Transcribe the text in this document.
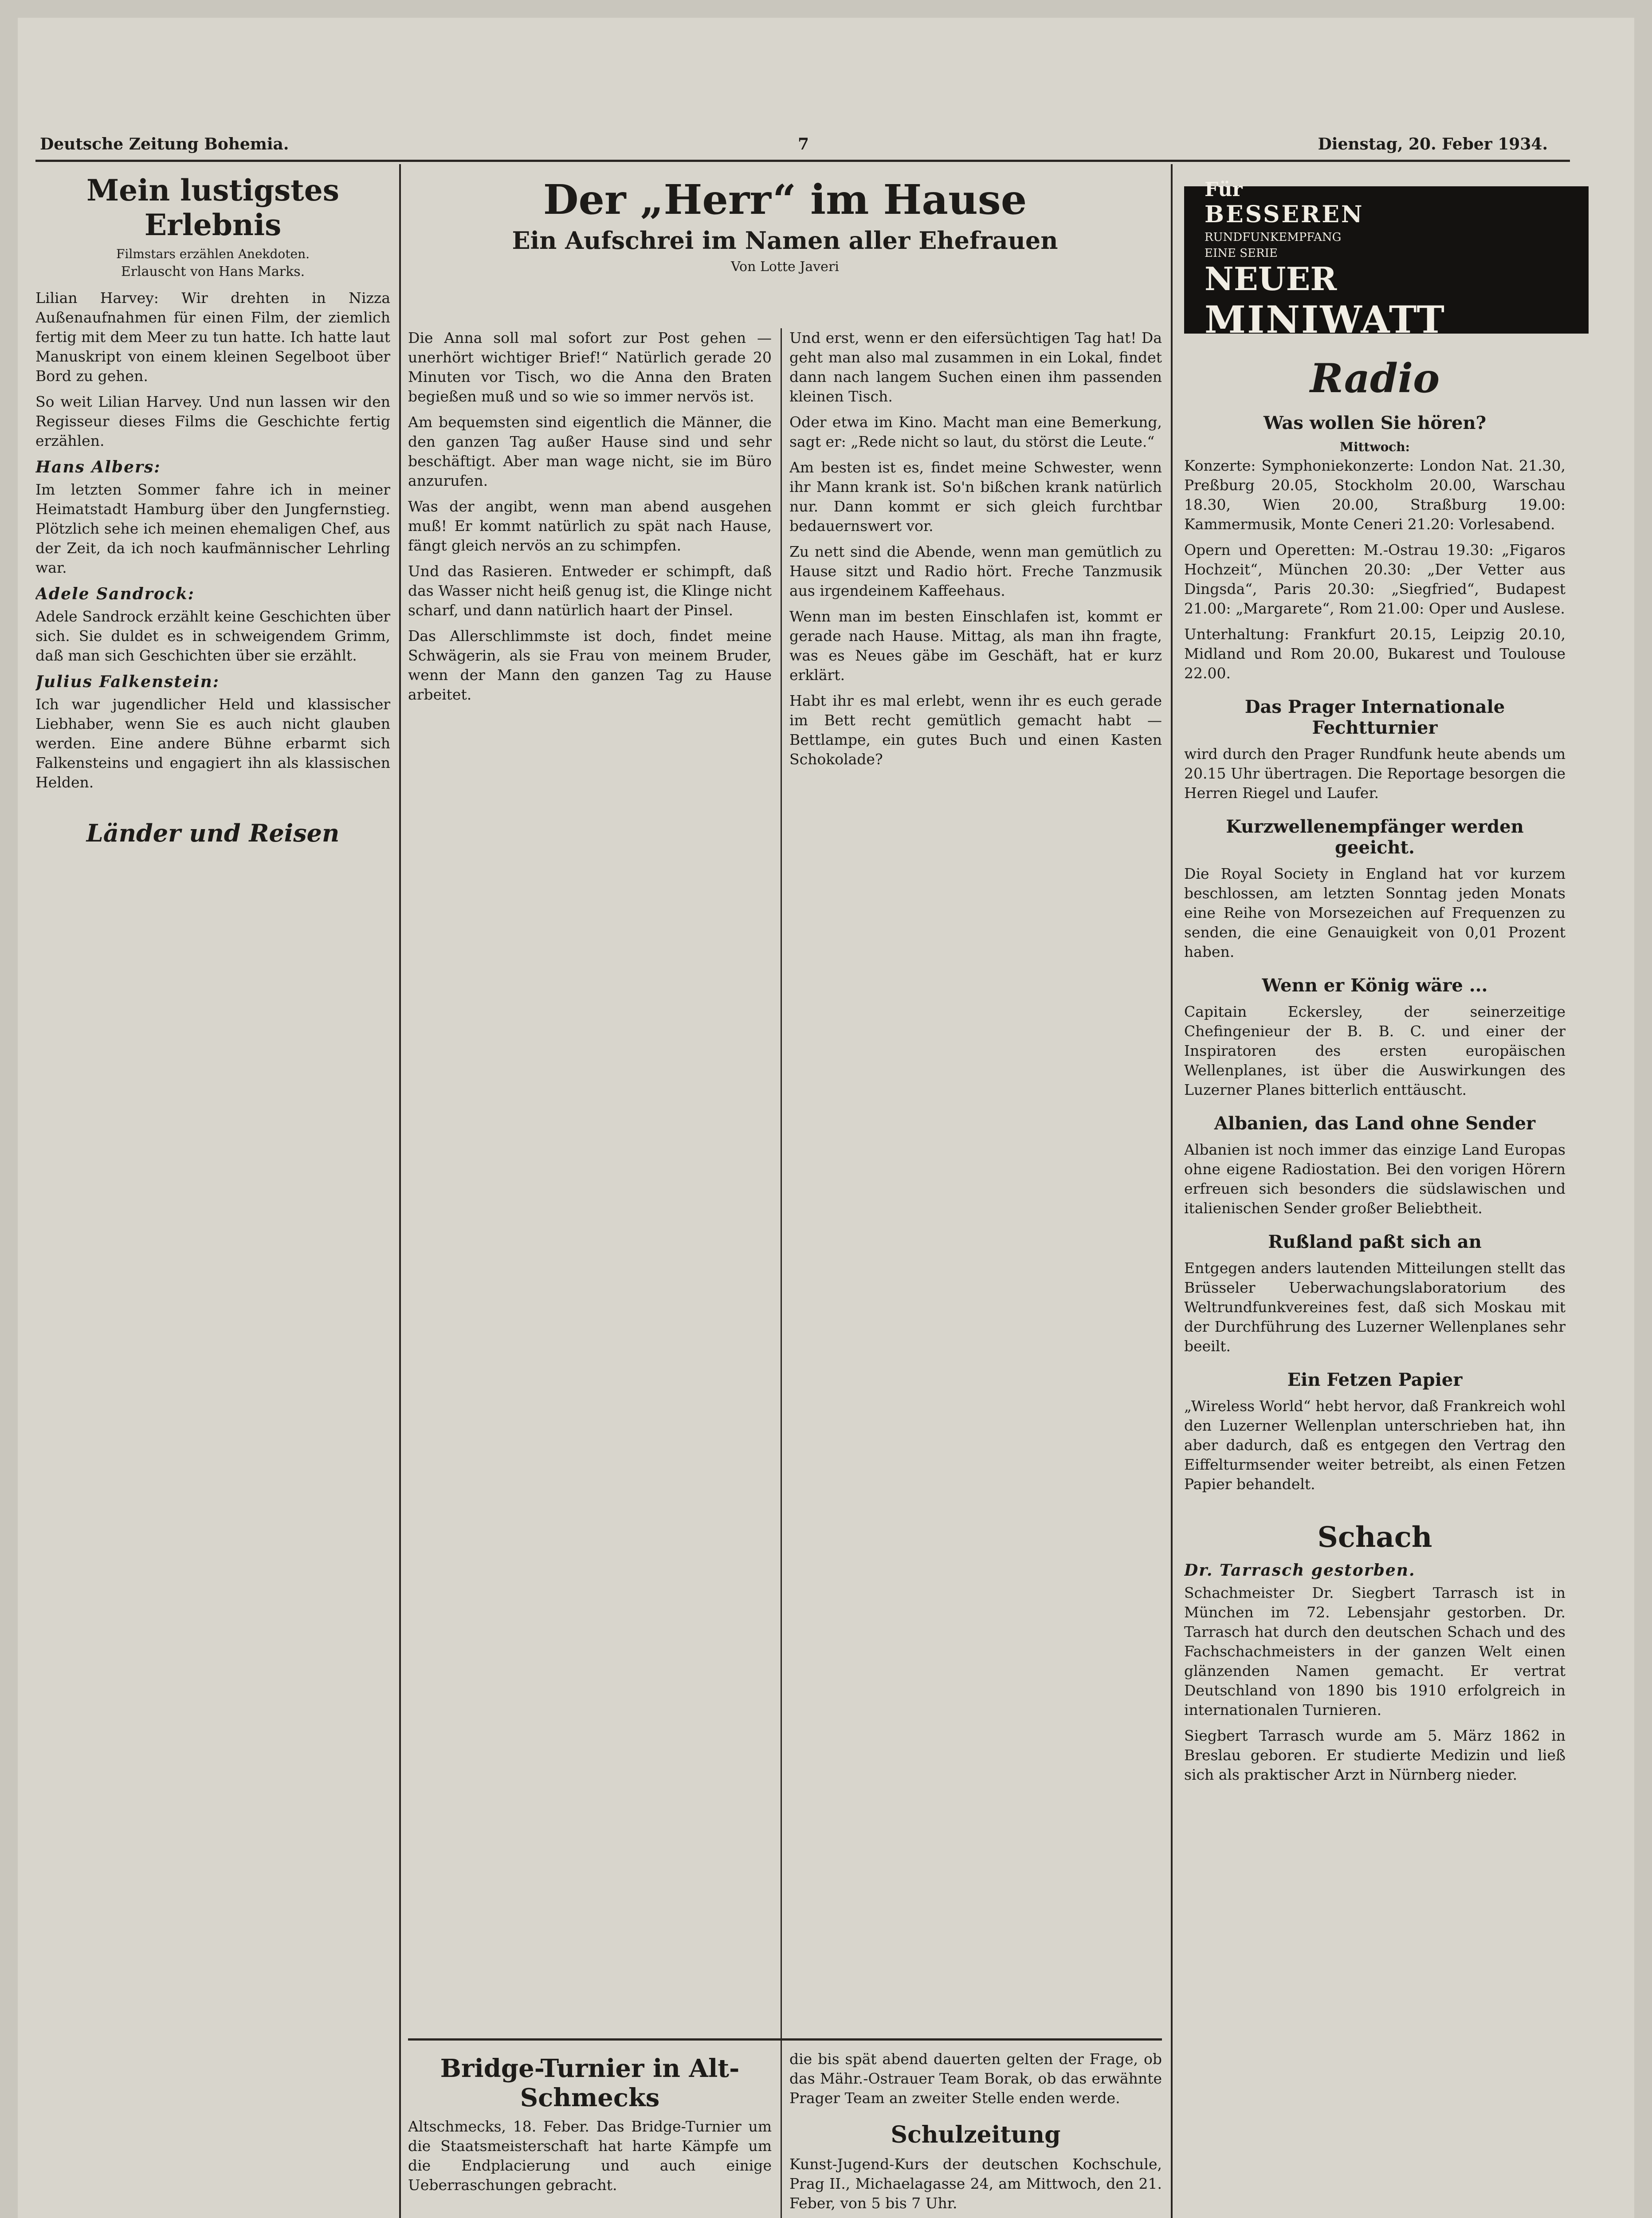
Deutsche Zeitung Bohemia.	7	Dienstag, 20. Feber 1934.
Mein lustigstes Erlebnis
Filmstars erzählen Anekdoten.
Erlauscht von Hans Marks.

Lilian Harvey: Wir drehten in Nizza Außenaufnahmen für einen Film, der ziemlich fertig mit dem Meer zu tun hatte. Ich hatte laut Manuskript von einem kleinen Segelboot über Bord zu gehen.

So weit Lilian Harvey. Und nun lassen wir den Regisseur dieses Films die Geschichte fertig erzählen.

Hans Albers:

Im letzten Sommer fahre ich in meiner Heimatstadt Hamburg über den Jungfernstieg. Plötzlich sehe ich meinen ehemaligen Chef, aus der Zeit, da ich noch kaufmännischer Lehrling war.

Adele Sandrock:

Adele Sandrock erzählt keine Geschichten über sich. Sie duldet es in schweigendem Grimm, daß man sich Geschichten über sie erzählt.

Julius Falkenstein:

Ich war jugendlicher Held und klassischer Liebhaber, wenn Sie es auch nicht glauben werden. Eine andere Bühne erbarmt sich Falkensteins und engagiert ihn als klassischen Helden.

Länder und Reisen
Der „Herr“ im Hause
Ein Aufschrei im Namen aller Ehefrauen
Von Lotte Javeri

Die Anna soll mal sofort zur Post gehen — unerhört wichtiger Brief!“ Natürlich gerade 20 Minuten vor Tisch, wo die Anna den Braten begießen muß und so wie so immer nervös ist.

Am bequemsten sind eigentlich die Männer, die den ganzen Tag außer Hause sind und sehr beschäftigt. Aber man wage nicht, sie im Büro anzurufen.

Was der angibt, wenn man abend ausgehen muß! Er kommt natürlich zu spät nach Hause, fängt gleich nervös an zu schimpfen.

Und das Rasieren. Entweder er schimpft, daß das Wasser nicht heiß genug ist, die Klinge nicht scharf, und dann natürlich haart der Pinsel.

Das Allerschlimmste ist doch, findet meine Schwägerin, als sie Frau von meinem Bruder, wenn der Mann den ganzen Tag zu Hause arbeitet.

Und erst, wenn er den eifersüchtigen Tag hat! Da geht man also mal zusammen in ein Lokal, findet dann nach langem Suchen einen ihm passenden kleinen Tisch.

Oder etwa im Kino. Macht man eine Bemerkung, sagt er: „Rede nicht so laut, du störst die Leute.“

Am besten ist es, findet meine Schwester, wenn ihr Mann krank ist. So'n bißchen krank natürlich nur. Dann kommt er sich gleich furchtbar bedauernswert vor.

Zu nett sind die Abende, wenn man gemütlich zu Hause sitzt und Radio hört. Freche Tanzmusik aus irgendeinem Kaffeehaus.

Wenn man im besten Einschlafen ist, kommt er gerade nach Hause. Mittag, als man ihn fragte, was es Neues gäbe im Geschäft, hat er kurz erklärt.

Habt ihr es mal erlebt, wenn ihr es euch gerade im Bett recht gemütlich gemacht habt — Bettlampe, ein gutes Buch und einen Kasten Schokolade?

Bridge-Turnier in Alt-Schmecks

Altschmecks, 18. Feber. Das Bridge-Turnier um die Staatsmeisterschaft hat harte Kämpfe um die Endplacierung und auch einige Ueberraschungen gebracht.

die bis spät abend dauerten gelten der Frage, ob das Mähr.-Ostrauer Team Borak, ob das erwähnte Prager Team an zweiter Stelle enden werde.

Schulzeitung

Kunst-Jugend-Kurs der deutschen Kochschule, Prag II., Michaelagasse 24, am Mittwoch, den 21. Feber, von 5 bis 7 Uhr.

Für
BESSEREN
RUNDFUNKEMPFANG
EINE SERIE
NEUER
MINIWATT
Radio
Was wollen Sie hören?
Mittwoch:

Konzerte: Symphoniekonzerte: London Nat. 21.30, Preßburg 20.05, Stockholm 20.00, Warschau 18.30, Wien 20.00, Straßburg 19.00: Kammermusik, Monte Ceneri 21.20: Vorlesabend.

Opern und Operetten: M.-Ostrau 19.30: „Figaros Hochzeit“, München 20.30: „Der Vetter aus Dingsda“, Paris 20.30: „Siegfried“, Budapest 21.00: „Margarete“, Rom 21.00: Oper und Auslese.

Unterhaltung: Frankfurt 20.15, Leipzig 20.10, Midland und Rom 20.00, Bukarest und Toulouse 22.00.

Das Prager Internationale Fechtturnier

wird durch den Prager Rundfunk heute abends um 20.15 Uhr übertragen. Die Reportage besorgen die Herren Riegel und Laufer.

Kurzwellenempfänger werden geeicht.

Die Royal Society in England hat vor kurzem beschlossen, am letzten Sonntag jeden Monats eine Reihe von Morsezeichen auf Frequenzen zu senden, die eine Genauigkeit von 0,01 Prozent haben.

Wenn er König wäre ...

Capitain Eckersley, der seinerzeitige Chefingenieur der B. B. C. und einer der Inspiratoren des ersten europäischen Wellenplanes, ist über die Auswirkungen des Luzerner Planes bitterlich enttäuscht.

Albanien, das Land ohne Sender

Albanien ist noch immer das einzige Land Europas ohne eigene Radiostation. Bei den vorigen Hörern erfreuen sich besonders die südslawischen und italienischen Sender großer Beliebtheit.

Rußland paßt sich an

Entgegen anders lautenden Mitteilungen stellt das Brüsseler Ueberwachungslaboratorium des Weltrundfunkvereines fest, daß sich Moskau mit der Durchführung des Luzerner Wellenplanes sehr beeilt.

Ein Fetzen Papier

„Wireless World“ hebt hervor, daß Frankreich wohl den Luzerner Wellenplan unterschrieben hat, ihn aber dadurch, daß es entgegen den Vertrag den Eiffelturmsender weiter betreibt, als einen Fetzen Papier behandelt.

Schach
Dr. Tarrasch gestorben.

Schachmeister Dr. Siegbert Tarrasch ist in München im 72. Lebensjahr gestorben. Dr. Tarrasch hat durch den deutschen Schach und des Fachschachmeisters in der ganzen Welt einen glänzenden Namen gemacht. Er vertrat Deutschland von 1890 bis 1910 erfolgreich in internationalen Turnieren.

Siegbert Tarrasch wurde am 5. März 1862 in Breslau geboren. Er studierte Medizin und ließ sich als praktischer Arzt in Nürnberg nieder.
